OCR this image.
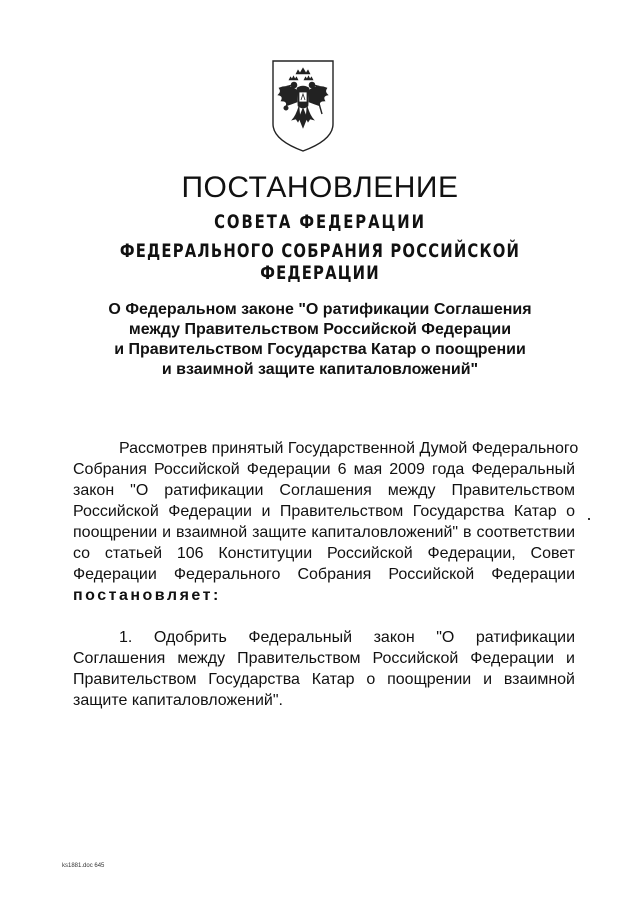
ПОСТАНОВЛЕНИЕ
СОВЕТА ФЕДЕРАЦИИ
ФЕДЕРАЛЬНОГО СОБРАНИЯ РОССИЙСКОЙ ФЕДЕРАЦИИ
О Федеральном законе "О ратификации Соглашения
между Правительством Российской Федерации
и Правительством Государства Катар о поощрении
и взаимной защите капиталовложений"
Рассмотрев принятый Государственной Думой Федерального
Собрания Российской Федерации 6 мая 2009 года Федеральный
закон "О ратификации Соглашения между Правительством
Российской Федерации и Правительством Государства Катар о
поощрении и взаимной защите капиталовложений" в соответствии
со статьей 106 Конституции Российской Федерации, Совет
Федерации Федерального Собрания Российской Федерации
постановляет:
1. Одобрить Федеральный закон "О ратификации
Соглашения между Правительством Российской Федерации и
Правительством Государства Катар о поощрении и взаимной
защите капиталовложений".
ks1881.doc 645
